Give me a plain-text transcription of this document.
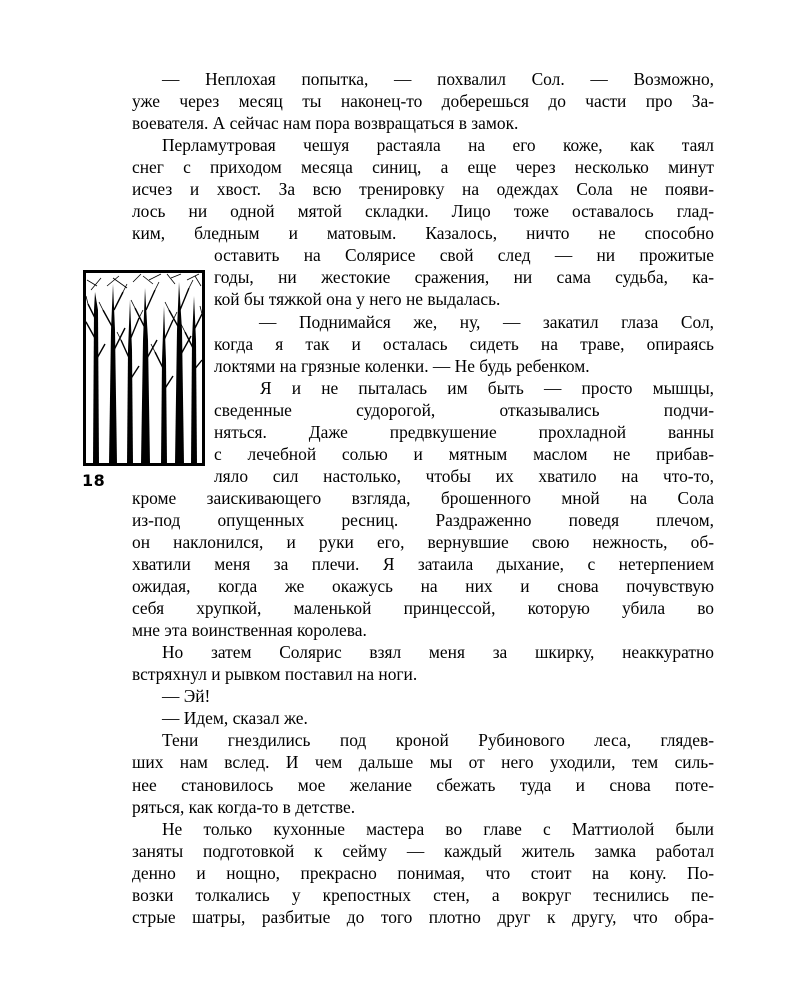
18
— Неплохая попытка, — похвалил Сол. — Возможно,
уже через месяц ты наконец-то доберешься до части про За-
воевателя. А сейчас нам пора возвращаться в замок.
Перламутровая чешуя растаяла на его коже, как таял
снег с приходом месяца синиц, а еще через несколько минут
исчез и хвост. За всю тренировку на одеждах Сола не появи-
лось ни одной мятой складки. Лицо тоже оставалось глад-
ким, бледным и матовым. Казалось, ничто не способно
оставить на Солярисе свой след — ни прожитые
годы, ни жестокие сражения, ни сама судьба, ка-
кой бы тяжкой она у него не выдалась.
— Поднимайся же, ну, — закатил глаза Сол,
когда я так и осталась сидеть на траве, опираясь
локтями на грязные коленки. — Не будь ребенком.
Я и не пыталась им быть — просто мышцы,
сведенные судорогой, отказывались подчи-
няться. Даже предвкушение прохладной ванны
с лечебной солью и мятным маслом не прибав-
ляло сил настолько, чтобы их хватило на что-то,
кроме заискивающего взгляда, брошенного мной на Сола
из-под опущенных ресниц. Раздраженно поведя плечом,
он наклонился, и руки его, вернувшие свою нежность, об-
хватили меня за плечи. Я затаила дыхание, с нетерпением
ожидая, когда же окажусь на них и снова почувствую
себя хрупкой, маленькой принцессой, которую убила во
мне эта воинственная королева.
Но затем Солярис взял меня за шкирку, неаккуратно
встряхнул и рывком поставил на ноги.
— Эй!
— Идем, сказал же.
Тени гнездились под кроной Рубинового леса, глядев-
ших нам вслед. И чем дальше мы от него уходили, тем силь-
нее становилось мое желание сбежать туда и снова поте-
ряться, как когда-то в детстве.
Не только кухонные мастера во главе с Маттиолой были
заняты подготовкой к сейму — каждый житель замка работал
денно и нощно, прекрасно понимая, что стоит на кону. По-
возки толкались у крепостных стен, а вокруг теснились пе-
стрые шатры, разбитые до того плотно друг к другу, что обра-
